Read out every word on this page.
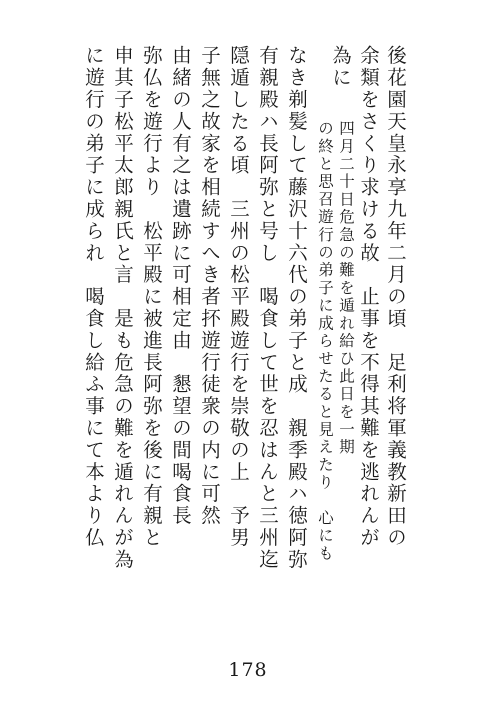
後花園天皇永享九年二月の頃　足利将軍義教新田の
余類をさくり求ける故　止事を不得其難を逃れんが
為に
四月二十日危急の難を遁れ給ひ此日を一期
の終と思召遊行の弟子に成らせたると見えたり　心にも
なき剃髪して藤沢十六代の弟子と成　親季殿ハ徳阿弥
有親殿ハ長阿弥と号し　喝食して世を忍はんと三州迄
隠遁したる頃　三州の松平殿遊行を崇敬の上　予男
子無之故家を相続すへき者抔遊行徒衆の内に可然
由緒の人有之は遺跡に可相定由　懇望の間喝食長
弥仏を遊行より　松平殿に被進長阿弥を後に有親と
申其子松平太郎親氏と言　是も危急の難を遁れんが為
に遊行の弟子に成られ　喝食し給ふ事にて本より仏
178
